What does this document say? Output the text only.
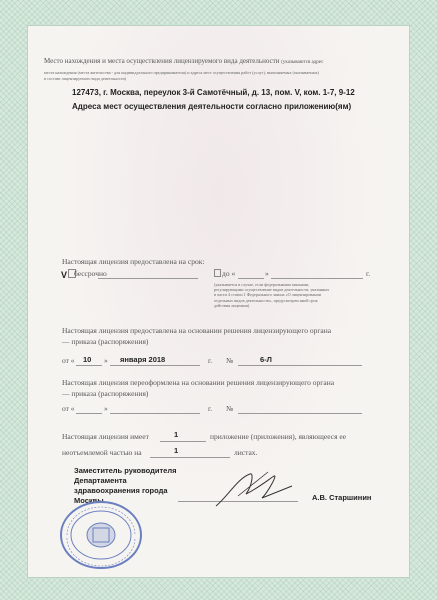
Место нахождения и места осуществления лицензируемого вида деятельности (указываются адрес
места нахождения (места жительства - для индивидуального предпринимателя) и адреса мест осуществления работ (услуг), выполняемых (оказываемых)
в составе лицензируемого вида деятельности)
127473, г. Москва, переулок 3-й Самотёчный, д. 13, пом. V, ком. 1-7, 9-12
Адреса мест осуществления деятельности согласно приложению(ям)
Настоящая лицензия предоставлена на срок:
V бессрочно	до «	»	г.
(указывается в случае, если федеральными законами, регулирующими осуществление видов деятельности, указанных в части 4 статьи 1 Федерального закона «О лицензировании отдельных видов деятельности», предусмотрен иной срок действия лицензии)
Настоящая лицензия предоставлена на основании решения лицензирующего органа
— приказа (распоряжения)
от « 10 » января 2018	г. №	6-Л
Настоящая лицензия переоформлена на основании решения лицензирующего органа
— приказа (распоряжения)
от «	»	г. №
Настоящая лицензия имеет	1	приложение (приложения), являющееся ее
неотъемлемой частью на	1	листах.
Заместитель руководителя
Департамента
здравоохранения города
Москвы	А.В. Старшинин
